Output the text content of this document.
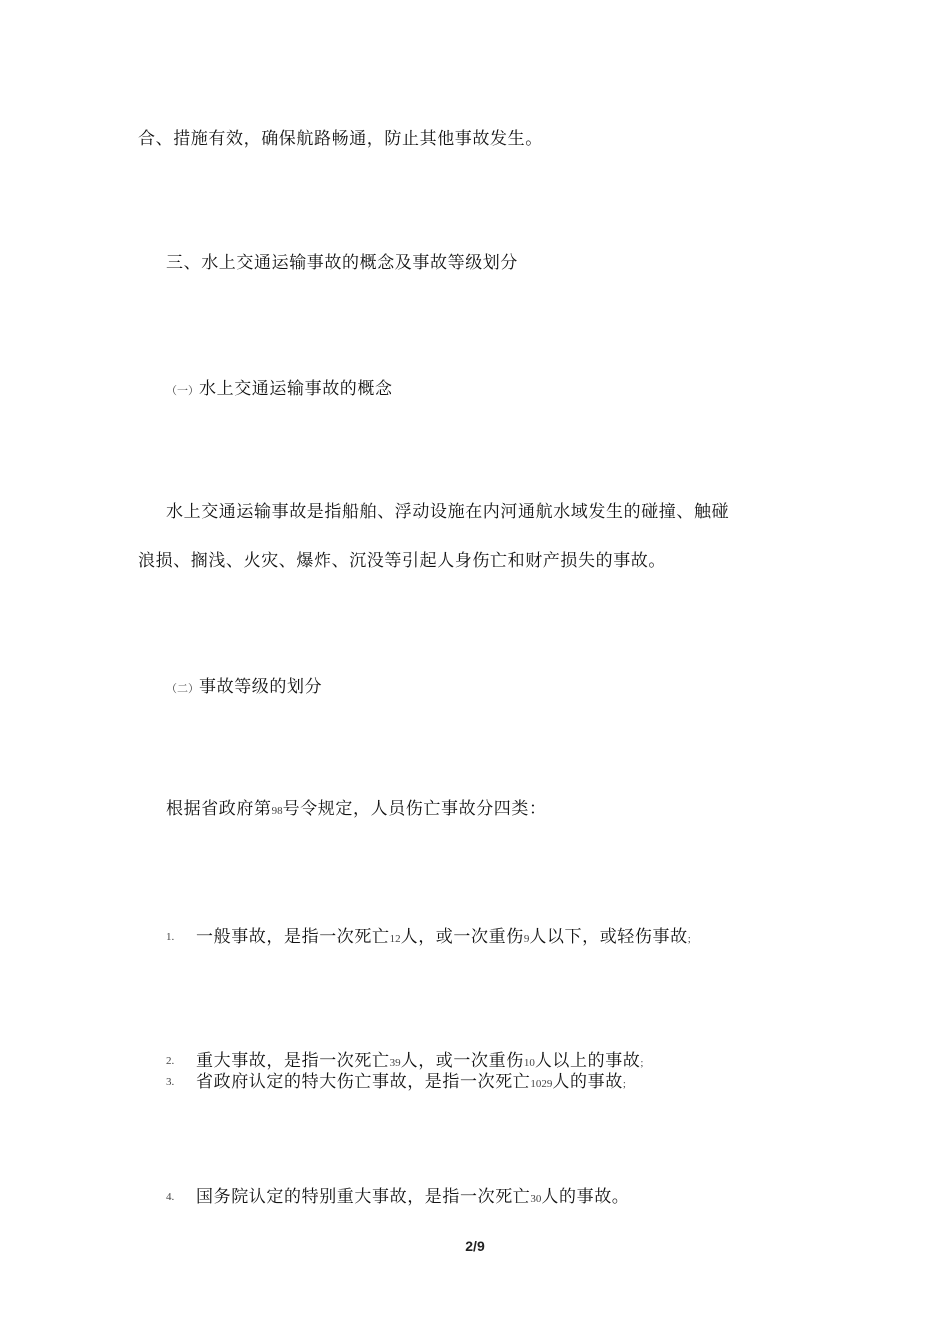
合、措施有效，确保航路畅通，防止其他事故发生。
三、水上交通运输事故的概念及事故等级划分
（一）水上交通运输事故的概念
水上交通运输事故是指船舶、浮动设施在内河通航水域发生的碰撞、触碰
浪损、搁浅、火灾、爆炸、沉没等引起人身伤亡和财产损失的事故。
（二）事故等级的划分
根据省政府第98号令规定，人员伤亡事故分四类：
1. 一般事故，是指一次死亡12人，或一次重伤9人以下，或轻伤事故;
2. 重大事故，是指一次死亡39人，或一次重伤10人以上的事故;
3. 省政府认定的特大伤亡事故，是指一次死亡1029人的事故;
4. 国务院认定的特别重大事故，是指一次死亡30人的事故。
2/9
